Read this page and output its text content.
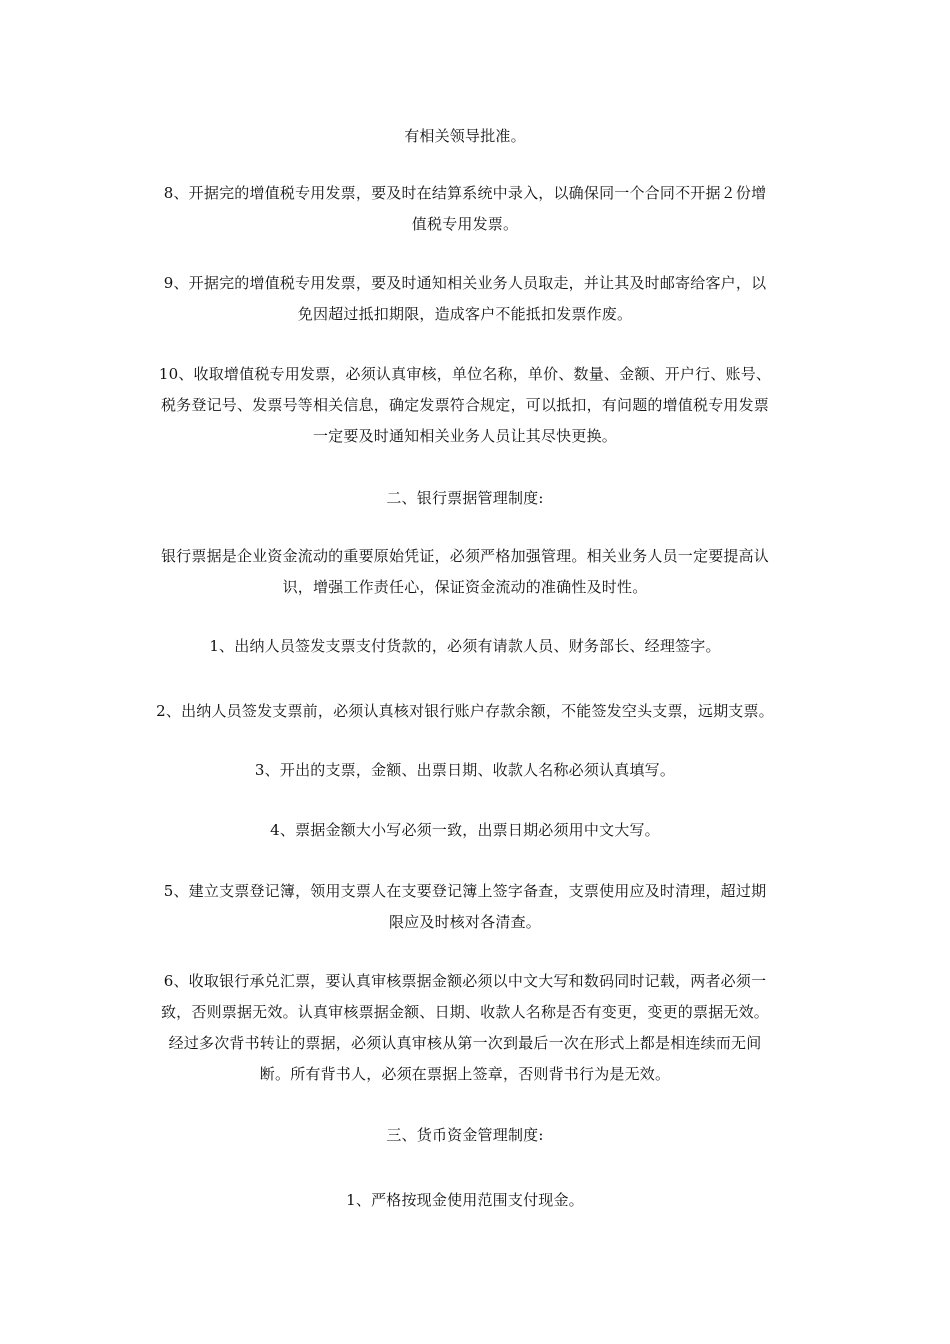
有相关领导批准。

8、开据完的增值税专用发票，要及时在结算系统中录入，以确保同一个合同不开据２份增
值税专用发票。

9、开据完的增值税专用发票，要及时通知相关业务人员取走，并让其及时邮寄给客户，以
免因超过抵扣期限，造成客户不能抵扣发票作废。

10、收取增值税专用发票，必须认真审核，单位名称，单价、数量、金额、开户行、账号、
税务登记号、发票号等相关信息，确定发票符合规定，可以抵扣，有问题的增值税专用发票
一定要及时通知相关业务人员让其尽快更换。

二、银行票据管理制度:

银行票据是企业资金流动的重要原始凭证，必须严格加强管理。相关业务人员一定要提高认
识，增强工作责任心，保证资金流动的准确性及时性。

1、出纳人员签发支票支付货款的，必须有请款人员、财务部长、经理签字。

2、出纳人员签发支票前，必须认真核对银行账户存款余额，不能签发空头支票，远期支票。

3、开出的支票，金额、出票日期、收款人名称必须认真填写。

4、票据金额大小写必须一致，出票日期必须用中文大写。

5、建立支票登记簿，领用支票人在支要登记簿上签字备查，支票使用应及时清理，超过期
限应及时核对各清查。

6、收取银行承兑汇票，要认真审核票据金额必须以中文大写和数码同时记载，两者必须一
致，否则票据无效。认真审核票据金额、日期、收款人名称是否有变更，变更的票据无效。
经过多次背书转让的票据，必须认真审核从第一次到最后一次在形式上都是相连续而无间
断。所有背书人，必须在票据上签章，否则背书行为是无效。

三、货币资金管理制度:

1、严格按现金使用范围支付现金。
